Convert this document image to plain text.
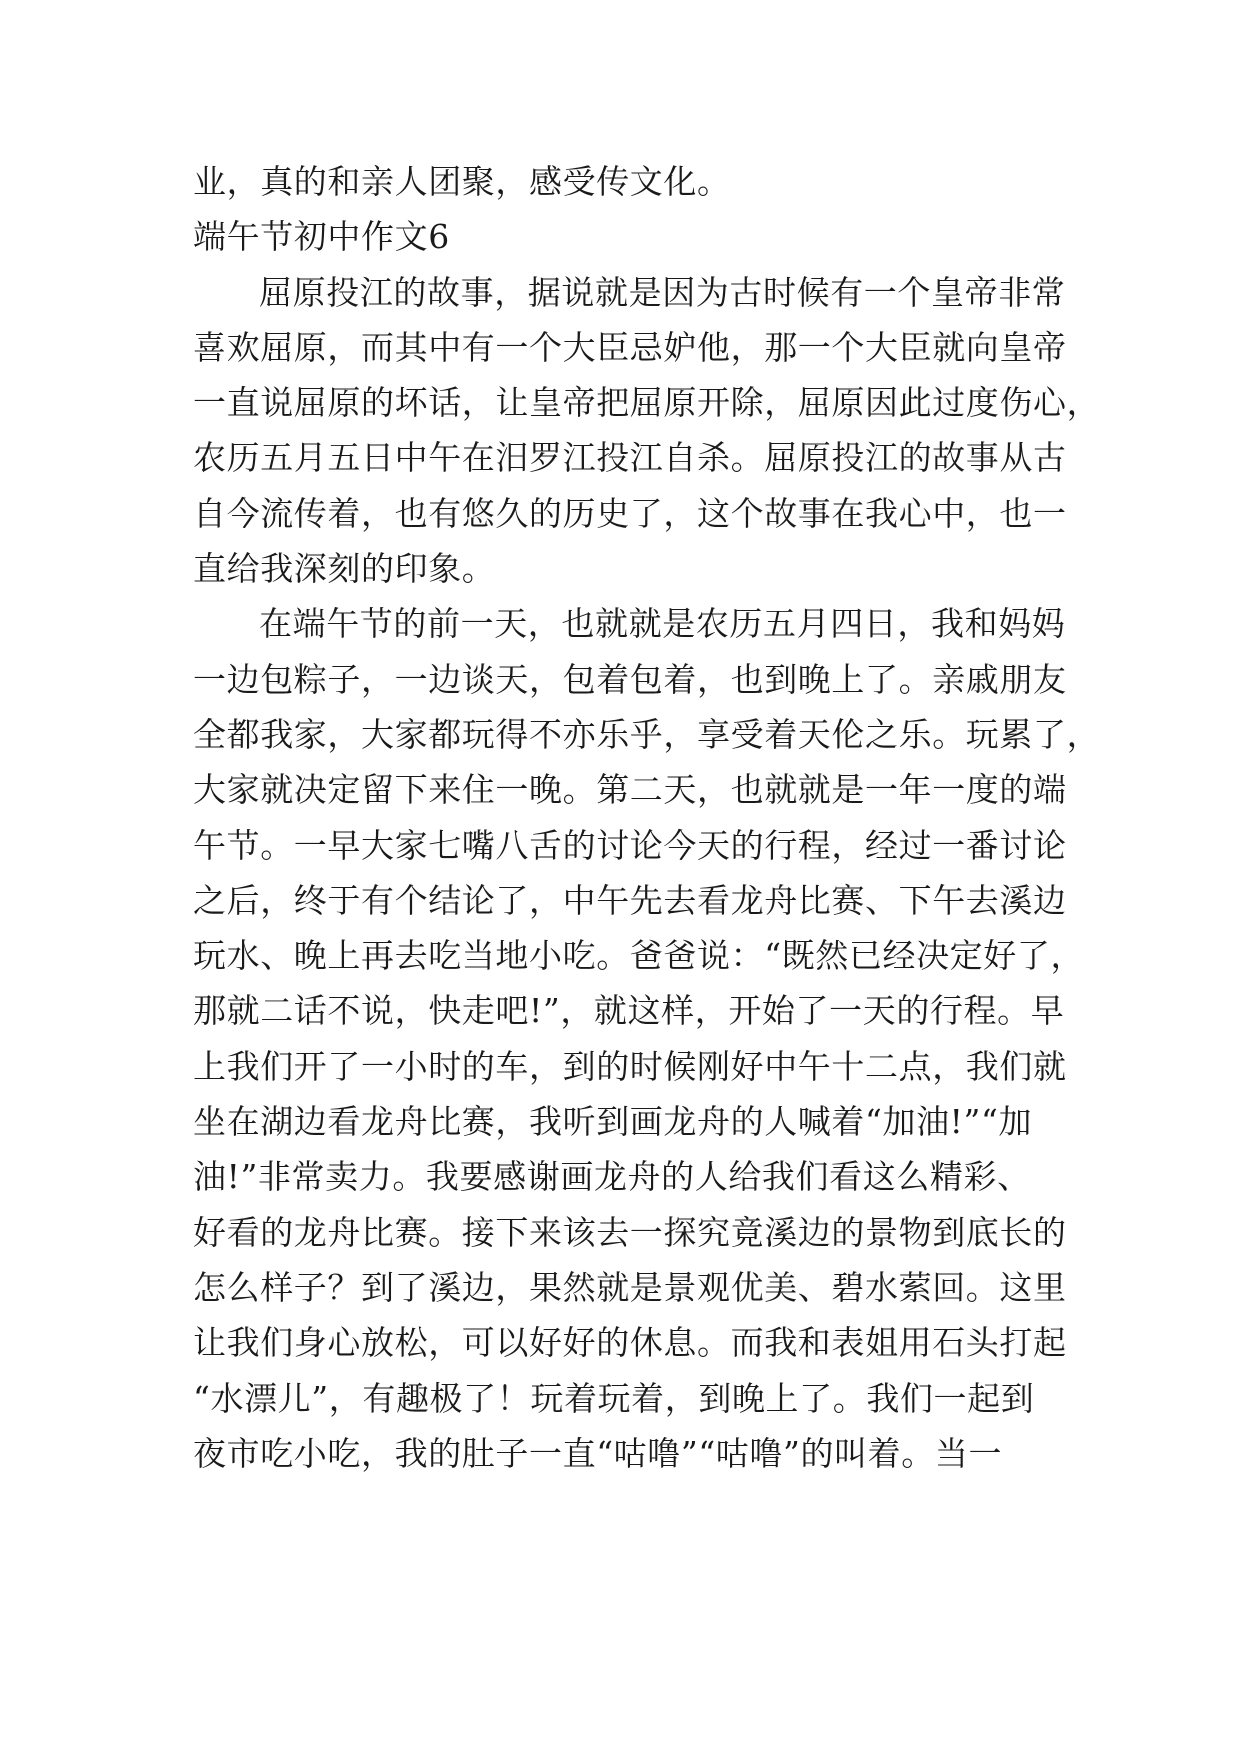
业，真的和亲人团聚，感受传文化。
端午节初中作文6
屈原投江的故事，据说就是因为古时候有一个皇帝非常
喜欢屈原，而其中有一个大臣忌妒他，那一个大臣就向皇帝
一直说屈原的坏话，让皇帝把屈原开除，屈原因此过度伤心，
农历五月五日中午在汨罗江投江自杀。屈原投江的故事从古
自今流传着，也有悠久的历史了，这个故事在我心中，也一
直给我深刻的印象。
在端午节的前一天，也就就是农历五月四日，我和妈妈
一边包粽子，一边谈天，包着包着，也到晚上了。亲戚朋友
全都我家，大家都玩得不亦乐乎，享受着天伦之乐。玩累了，
大家就决定留下来住一晚。第二天，也就就是一年一度的端
午节。一早大家七嘴八舌的讨论今天的行程，经过一番讨论
之后，终于有个结论了，中午先去看龙舟比赛、下午去溪边
玩水、晚上再去吃当地小吃。爸爸说：“既然已经决定好了，
那就二话不说，快走吧!”，就这样，开始了一天的行程。早
上我们开了一小时的车，到的时候刚好中午十二点，我们就
坐在湖边看龙舟比赛，我听到画龙舟的人喊着“加油!”“加
油!”非常卖力。我要感谢画龙舟的人给我们看这么精彩、
好看的龙舟比赛。接下来该去一探究竟溪边的景物到底长的
怎么样子？到了溪边，果然就是景观优美、碧水萦回。这里
让我们身心放松，可以好好的休息。而我和表姐用石头打起
“水漂儿”，有趣极了！玩着玩着，到晚上了。我们一起到
夜市吃小吃，我的肚子一直“咕噜”“咕噜”的叫着。当一
